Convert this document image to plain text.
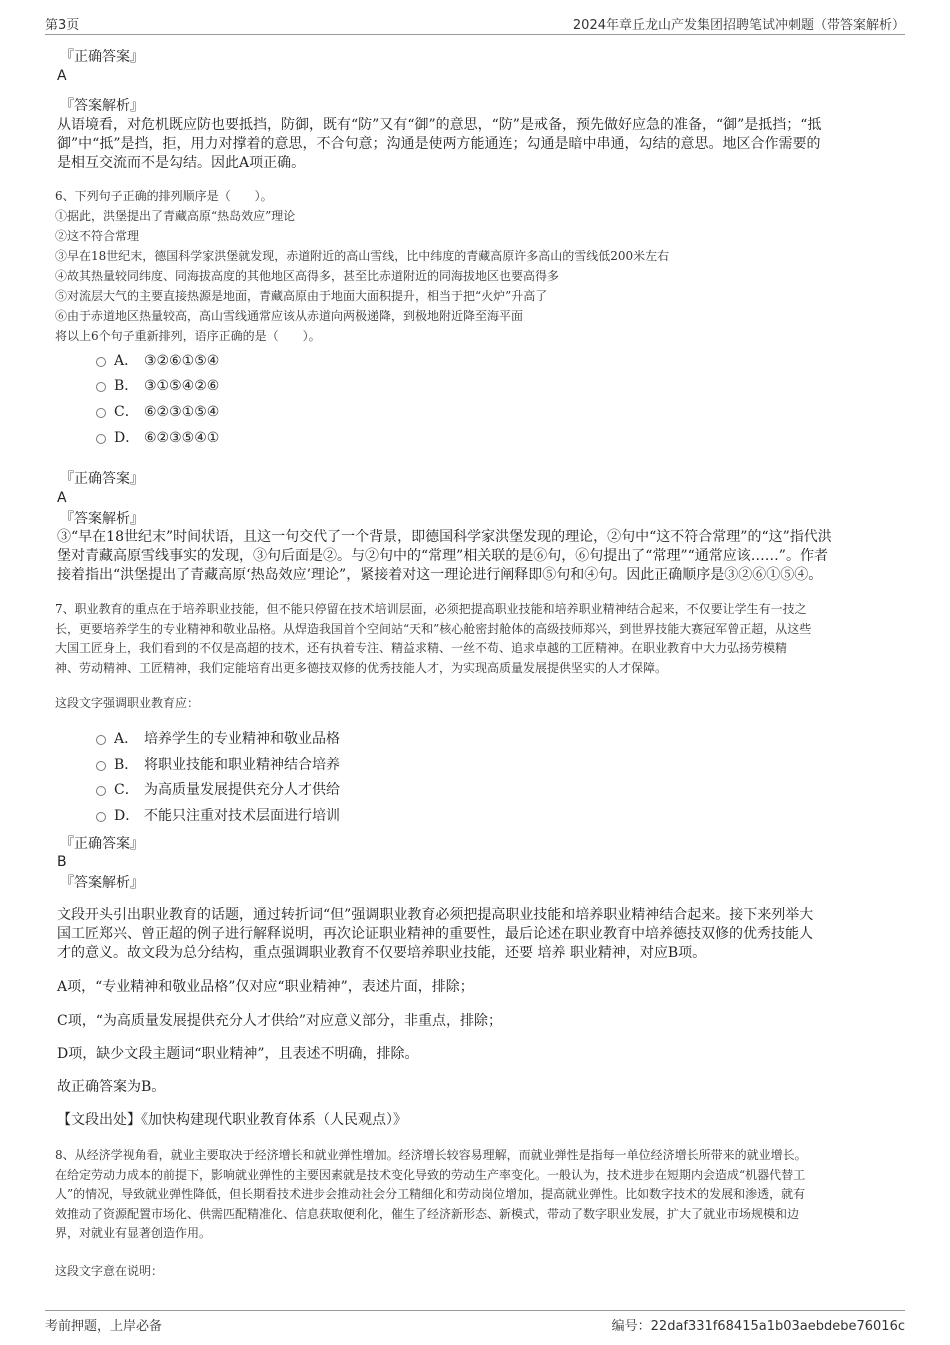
第3页	2024年章丘龙山产发集团招聘笔试冲刺题（带答案解析）
『正确答案』
A
『答案解析』
从语境看，对危机既应防也要抵挡，防御，既有“防”又有“御”的意思，“防”是戒备，预先做好应急的准备，“御”是抵挡；“抵
御”中“抵”是挡，拒，用力对撑着的意思，不合句意；沟通是使两方能通连；勾通是暗中串通，勾结的意思。地区合作需要的
是相互交流而不是勾结。因此A项正确。
6、下列句子正确的排列顺序是（　　）。
①据此，洪堡提出了青藏高原“热岛效应”理论
②这不符合常理
③早在18世纪末，德国科学家洪堡就发现，赤道附近的高山雪线，比中纬度的青藏高原许多高山的雪线低200米左右
④故其热量较同纬度、同海拔高度的其他地区高得多，甚至比赤道附近的同海拔地区也要高得多
⑤对流层大气的主要直接热源是地面，青藏高原由于地面大面积提升，相当于把“火炉”升高了
⑥由于赤道地区热量较高，高山雪线通常应该从赤道向两极递降，到极地附近降至海平面
将以上6个句子重新排列，语序正确的是（　　）。
A． ③②⑥①⑤④
B． ③①⑤④②⑥
C． ⑥②③①⑤④
D． ⑥②③⑤④①
『正确答案』
A
『答案解析』
③“早在18世纪末”时间状语，且这一句交代了一个背景，即德国科学家洪堡发现的理论，②句中“这不符合常理”的“这”指代洪
堡对青藏高原雪线事实的发现，③句后面是②。与②句中的“常理”相关联的是⑥句，⑥句提出了“常理”“通常应该……”。作者
接着指出“洪堡提出了青藏高原‘热岛效应’理论”，紧接着对这一理论进行阐释即⑤句和④句。因此正确顺序是③②⑥①⑤④。
7、职业教育的重点在于培养职业技能，但不能只停留在技术培训层面，必须把提高职业技能和培养职业精神结合起来，不仅要让学生有一技之
长，更要培养学生的专业精神和敬业品格。从焊造我国首个空间站“天和”核心舱密封舱体的高级技师郑兴，到世界技能大赛冠军曾正超，从这些
大国工匠身上，我们看到的不仅是高超的技术，还有执着专注、精益求精、一丝不苟、追求卓越的工匠精神。在职业教育中大力弘扬劳模精
神、劳动精神、工匠精神，我们定能培育出更多德技双修的优秀技能人才，为实现高质量发展提供坚实的人才保障。
这段文字强调职业教育应：
A． 培养学生的专业精神和敬业品格
B． 将职业技能和职业精神结合培养
C． 为高质量发展提供充分人才供给
D． 不能只注重对技术层面进行培训
『正确答案』
B
『答案解析』
文段开头引出职业教育的话题，通过转折词“但”强调职业教育必须把提高职业技能和培养职业精神结合起来。接下来列举大
国工匠郑兴、曾正超的例子进行解释说明，再次论证职业精神的重要性，最后论述在职业教育中培养德技双修的优秀技能人
才的意义。故文段为总分结构，重点强调职业教育不仅要培养职业技能，还要 培养 职业精神，对应B项。
A项，“专业精神和敬业品格”仅对应“职业精神”，表述片面，排除；
C项，“为高质量发展提供充分人才供给”对应意义部分，非重点，排除；
D项，缺少文段主题词“职业精神”，且表述不明确，排除。
故正确答案为B。
【文段出处】《加快构建现代职业教育体系（人民观点）》
8、从经济学视角看，就业主要取决于经济增长和就业弹性增加。经济增长较容易理解，而就业弹性是指每一单位经济增长所带来的就业增长。
在给定劳动力成本的前提下，影响就业弹性的主要因素就是技术变化导致的劳动生产率变化。一般认为，技术进步在短期内会造成“机器代替工
人”的情况，导致就业弹性降低，但长期看技术进步会推动社会分工精细化和劳动岗位增加，提高就业弹性。比如数字技术的发展和渗透，就有
效推动了资源配置市场化、供需匹配精准化、信息获取便利化，催生了经济新形态、新模式，带动了数字职业发展，扩大了就业市场规模和边
界，对就业有显著创造作用。
这段文字意在说明：
考前押题，上岸必备	编号：22daf331f68415a1b03aebdebe76016c
